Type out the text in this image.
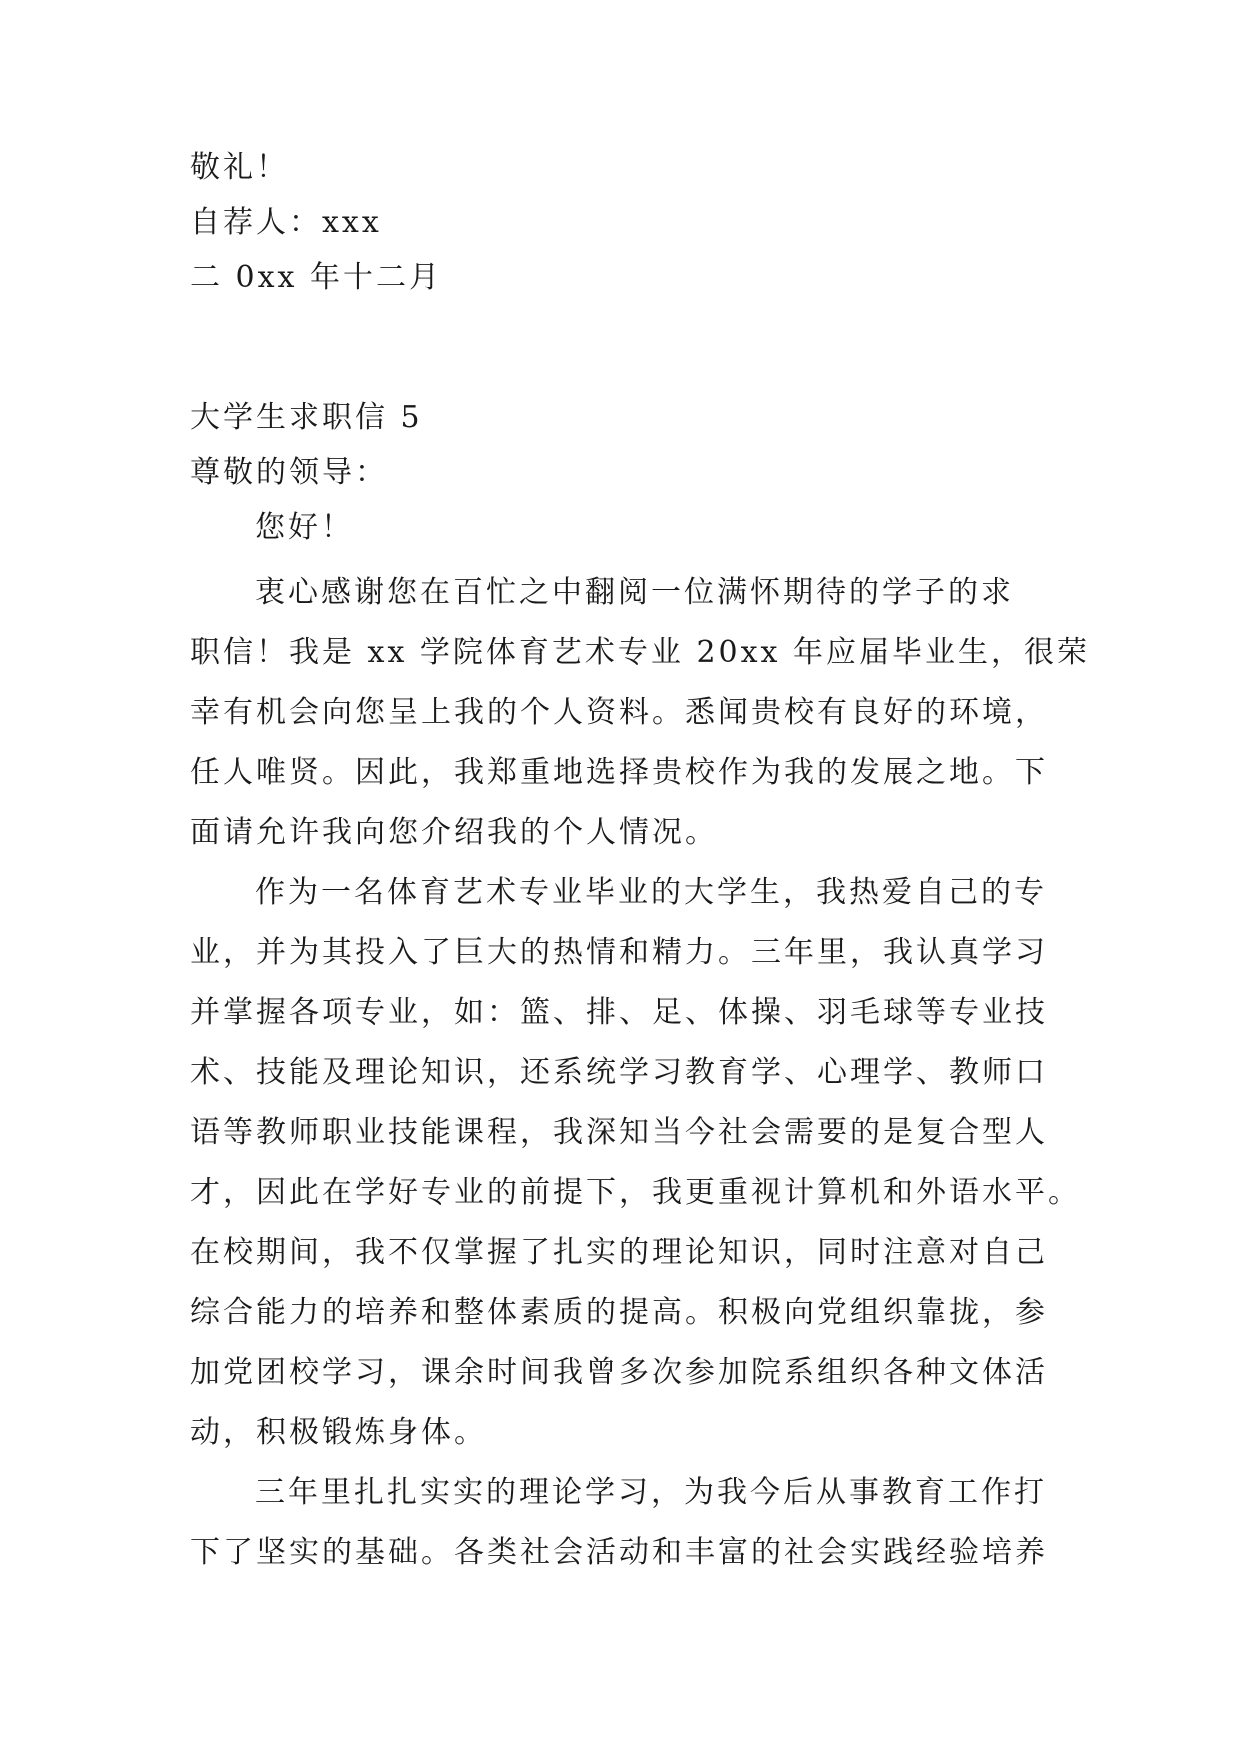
敬礼！
自荐人：xxx
二 0xx 年十二月
大学生求职信 5
尊敬的领导：
您好！
衷心感谢您在百忙之中翻阅一位满怀期待的学子的求
职信！我是 xx 学院体育艺术专业 20xx 年应届毕业生，很荣
幸有机会向您呈上我的个人资料。悉闻贵校有良好的环境，
任人唯贤。因此，我郑重地选择贵校作为我的发展之地。下
面请允许我向您介绍我的个人情况。
作为一名体育艺术专业毕业的大学生，我热爱自己的专
业，并为其投入了巨大的热情和精力。三年里，我认真学习
并掌握各项专业，如：篮、排、足、体操、羽毛球等专业技
术、技能及理论知识，还系统学习教育学、心理学、教师口
语等教师职业技能课程，我深知当今社会需要的是复合型人
才，因此在学好专业的前提下，我更重视计算机和外语水平。
在校期间，我不仅掌握了扎实的理论知识，同时注意对自己
综合能力的培养和整体素质的提高。积极向党组织靠拢，参
加党团校学习，课余时间我曾多次参加院系组织各种文体活
动，积极锻炼身体。
三年里扎扎实实的理论学习，为我今后从事教育工作打
下了坚实的基础。各类社会活动和丰富的社会实践经验培养
